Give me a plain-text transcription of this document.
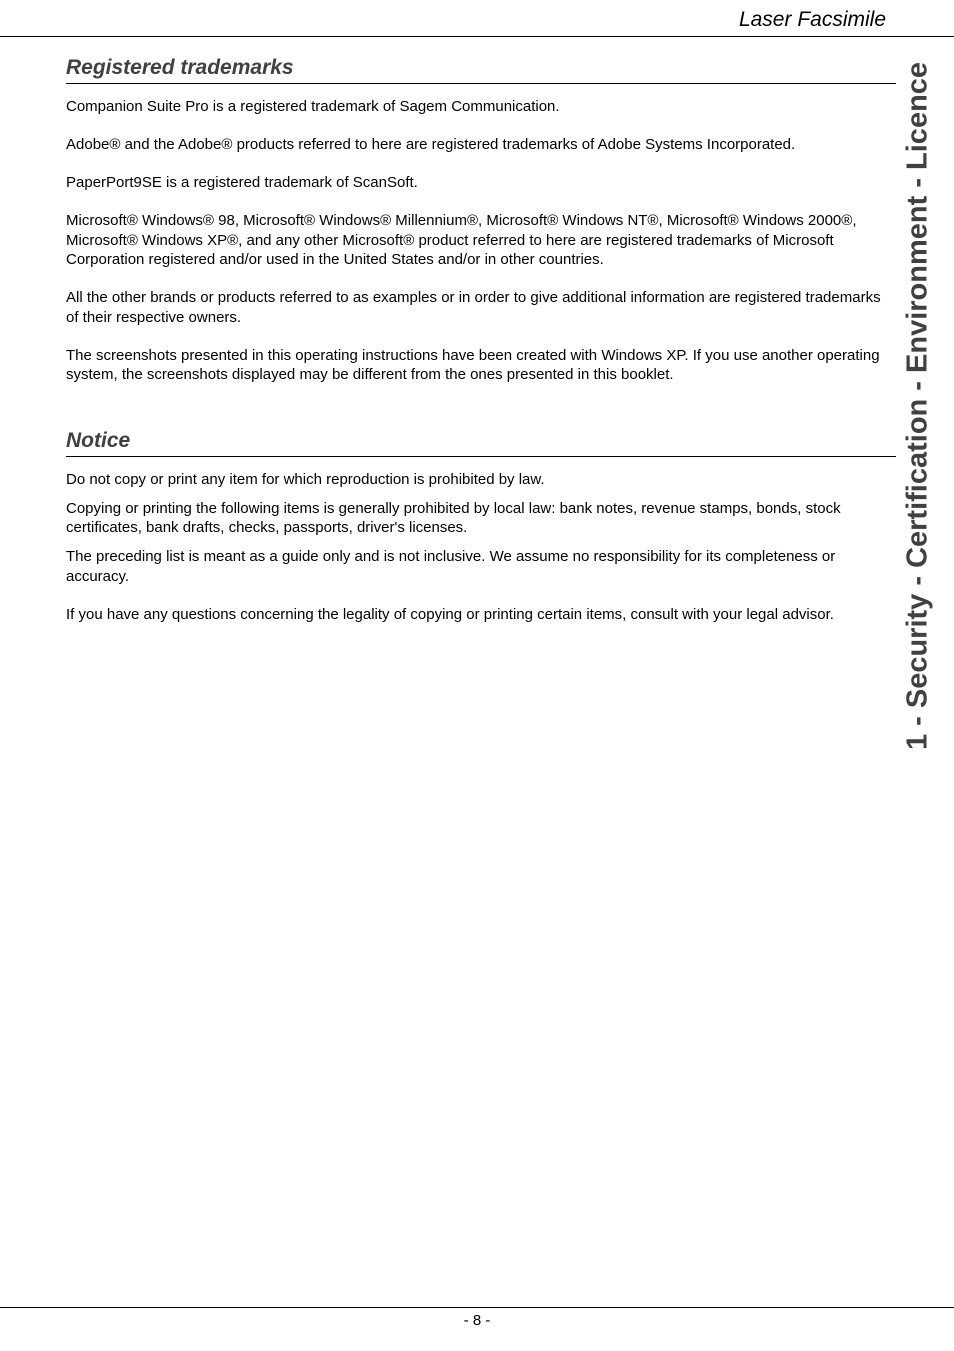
Laser Facsimile
1 - Security - Certification - Environment - Licence
Registered trademarks

Companion Suite Pro is a registered trademark of Sagem Communication.

Adobe® and the Adobe® products referred to here are registered trademarks of Adobe Systems Incorporated.

PaperPort9SE is a registered trademark of ScanSoft.

Microsoft® Windows® 98, Microsoft® Windows® Millennium®, Microsoft® Windows NT®, Microsoft® Windows 2000®, Microsoft® Windows XP®, and any other Microsoft® product referred to here are registered trademarks of Microsoft Corporation registered and/or used in the United States and/or in other countries.

All the other brands or products referred to as examples or in order to give additional information are registered trademarks of their respective owners.

The screenshots presented in this operating instructions have been created with Windows XP. If you use another operating system, the screenshots displayed may be different from the ones presented in this booklet.

Notice

Do not copy or print any item for which reproduction is prohibited by law.

Copying or printing the following items is generally prohibited by local law: bank notes, revenue stamps, bonds, stock certificates, bank drafts, checks, passports, driver's licenses.

The preceding list is meant as a guide only and is not inclusive. We assume no responsibility for its completeness or accuracy.

If you have any questions concerning the legality of copying or printing certain items, consult with your legal advisor.

- 8 -
